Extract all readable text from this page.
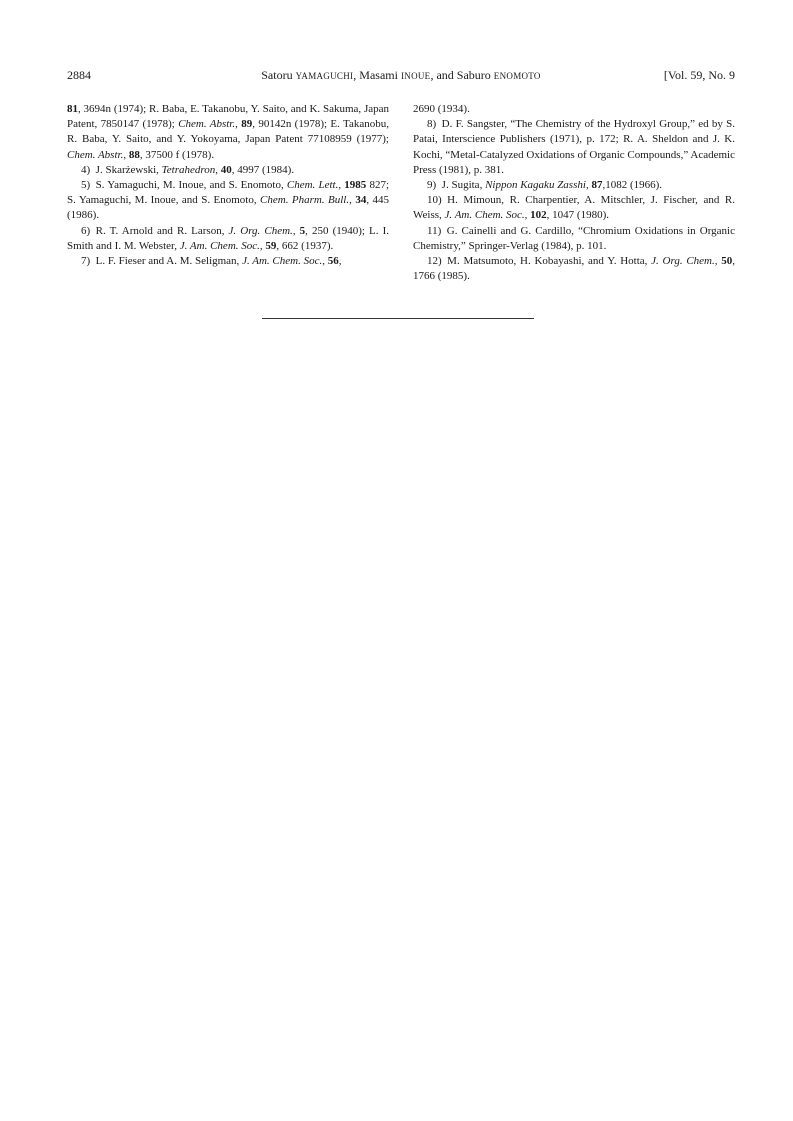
2884	Satoru YAMAGUCHI, Masami INOUE, and Saburo ENOMOTO	[Vol. 59, No. 9

81, 3694n (1974); R. Baba, E. Takanobu, Y. Saito, and K. Sakuma, Japan Patent, 7850147 (1978); Chem. Abstr., 89, 90142n (1978); E. Takanobu, R. Baba, Y. Saito, and Y. Yokoyama, Japan Patent 77108959 (1977); Chem. Abstr., 88, 37500 f (1978).

4)  J. Skarżewski, Tetrahedron, 40, 4997 (1984).

5)  S. Yamaguchi, M. Inoue, and S. Enomoto, Chem. Lett., 1985 827; S. Yamaguchi, M. Inoue, and S. Enomoto, Chem. Pharm. Bull., 34, 445 (1986).

6)  R. T. Arnold and R. Larson, J. Org. Chem., 5, 250 (1940); L. I. Smith and I. M. Webster, J. Am. Chem. Soc., 59, 662 (1937).

7)  L. F. Fieser and A. M. Seligman, J. Am. Chem. Soc., 56,

2690 (1934).

8)  D. F. Sangster, “The Chemistry of the Hydroxyl Group,” ed by S. Patai, Interscience Publishers (1971), p. 172; R. A. Sheldon and J. K. Kochi, “Metal-Catalyzed Oxidations of Organic Compounds,” Academic Press (1981), p. 381.

9)  J. Sugita, Nippon Kagaku Zasshi, 87,1082 (1966).

10)  H. Mimoun, R. Charpentier, A. Mitschler, J. Fischer, and R. Weiss, J. Am. Chem. Soc., 102, 1047 (1980).

11)  G. Cainelli and G. Cardillo, “Chromium Oxidations in Organic Chemistry,” Springer-Verlag (1984), p. 101.

12)  M. Matsumoto, H. Kobayashi, and Y. Hotta, J. Org. Chem., 50, 1766 (1985).
